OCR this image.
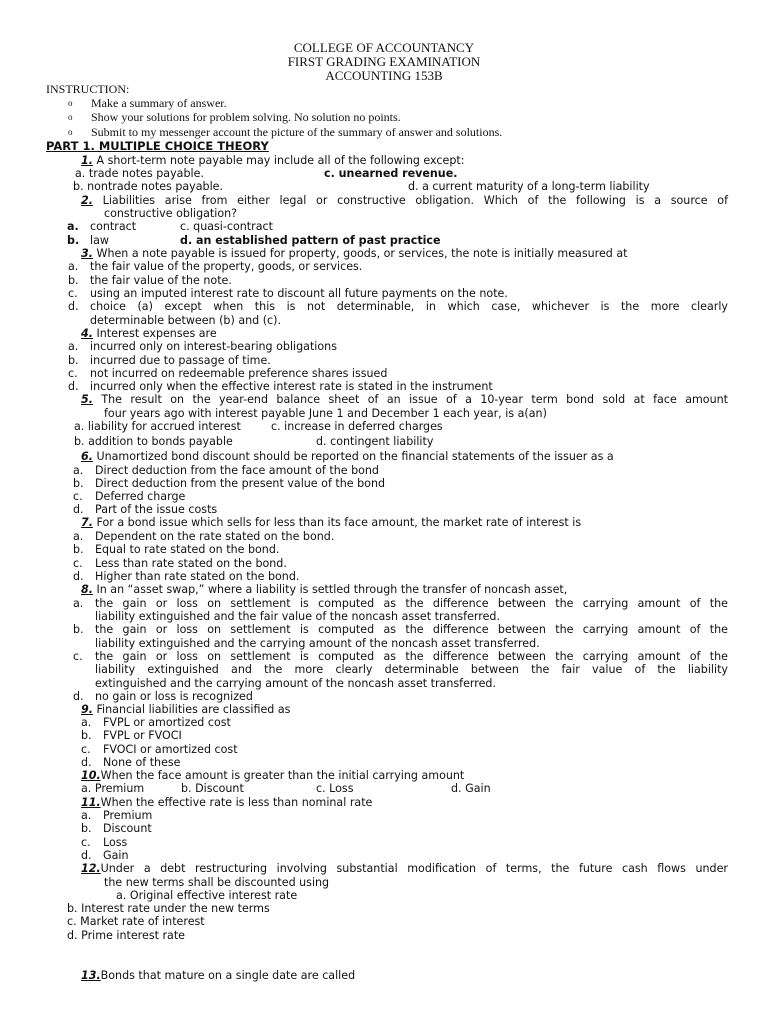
COLLEGE OF ACCOUNTANCY
FIRST GRADING EXAMINATION
ACCOUNTING 153B
INSTRUCTION:
o Make a summary of answer.
o Show your solutions for problem solving. No solution no points.
o Submit to my messenger account the picture of the summary of answer and solutions.
PART 1. MULTIPLE CHOICE THEORY
1. A short-term note payable may include all of the following except:
a. trade notes payable.	c. unearned revenue.
b. nontrade notes payable.	d. a current maturity of a long-term liability
2. Liabilities arise from either legal or constructive obligation. Which of the following is a source of
constructive obligation?
a. contract	c. quasi-contract
b. law	d. an established pattern of past practice
3. When a note payable is issued for property, goods, or services, the note is initially measured at
a. the fair value of the property, goods, or services.
b. the fair value of the note.
c. using an imputed interest rate to discount all future payments on the note.
d. choice (a) except when this is not determinable, in which case, whichever is the more clearly
determinable between (b) and (c).
4. Interest expenses are
a. incurred only on interest-bearing obligations
b. incurred due to passage of time.
c. not incurred on redeemable preference shares issued
d. incurred only when the effective interest rate is stated in the instrument
5. The result on the year-end balance sheet of an issue of a 10-year term bond sold at face amount
four years ago with interest payable June 1 and December 1 each year, is a(an)
a. liability for accrued interest	c. increase in deferred charges
b. addition to bonds payable	d. contingent liability
6. Unamortized bond discount should be reported on the financial statements of the issuer as a
a. Direct deduction from the face amount of the bond
b. Direct deduction from the present value of the bond
c. Deferred charge
d. Part of the issue costs
7. For a bond issue which sells for less than its face amount, the market rate of interest is
a. Dependent on the rate stated on the bond.
b. Equal to rate stated on the bond.
c. Less than rate stated on the bond.
d. Higher than rate stated on the bond.
8. In an “asset swap,” where a liability is settled through the transfer of noncash asset,
a. the gain or loss on settlement is computed as the difference between the carrying amount of the
liability extinguished and the fair value of the noncash asset transferred.
b. the gain or loss on settlement is computed as the difference between the carrying amount of the
liability extinguished and the carrying amount of the noncash asset transferred.
c. the gain or loss on settlement is computed as the difference between the carrying amount of the
liability extinguished and the more clearly determinable between the fair value of the liability
extinguished and the carrying amount of the noncash asset transferred.
d. no gain or loss is recognized
9. Financial liabilities are classified as
a. FVPL or amortized cost
b. FVPL or FVOCI
c. FVOCI or amortized cost
d. None of these
10.When the face amount is greater than the initial carrying amount
a. Premium	b. Discount	c. Loss	d. Gain
11.When the effective rate is less than nominal rate
a. Premium
b. Discount
c. Loss
d. Gain
12.Under a debt restructuring involving substantial modification of terms, the future cash flows under
the new terms shall be discounted using
a. Original effective interest rate
b. Interest rate under the new terms
c. Market rate of interest
d. Prime interest rate
13.Bonds that mature on a single date are called
